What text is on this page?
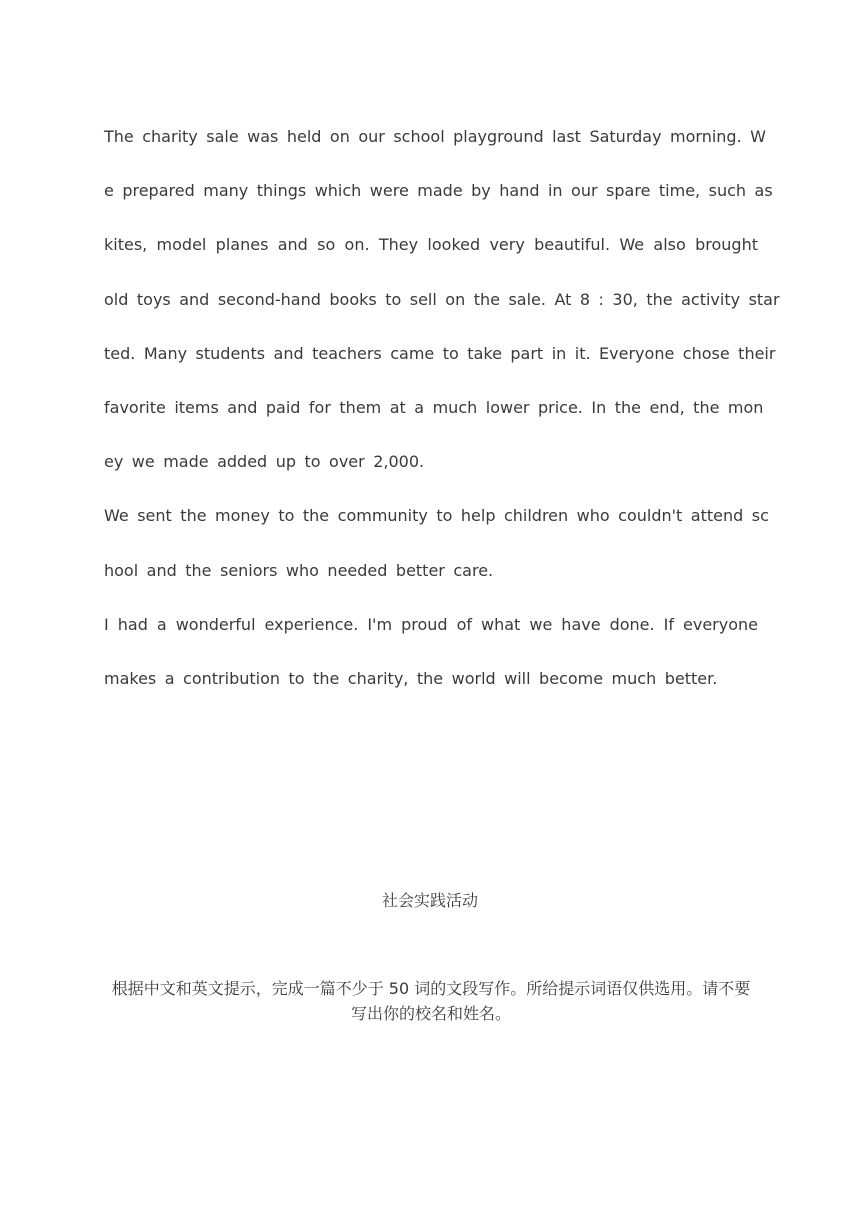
The charity sale was held on our school playground last Saturday morning. W
e prepared many things which were made by hand in our spare time, such as
kites, model planes and so on. They looked very beautiful. We also brought
old toys and second-hand books to sell on the sale. At 8 : 30, the activity star
ted. Many students and teachers came to take part in it. Everyone chose their
favorite items and paid for them at a much lower price. In the end, the mon
ey we made added up to over 2,000.
We sent the money to the community to help children who couldn't attend sc
hool and the seniors who needed better care.
I had a wonderful experience. I'm proud of what we have done. If everyone
makes a contribution to the charity, the world will become much better.
社会实践活动
根据中文和英文提示，完成一篇不少于 50 词的文段写作。所给提示词语仅供选用。请不要写出你的校名和姓名。
